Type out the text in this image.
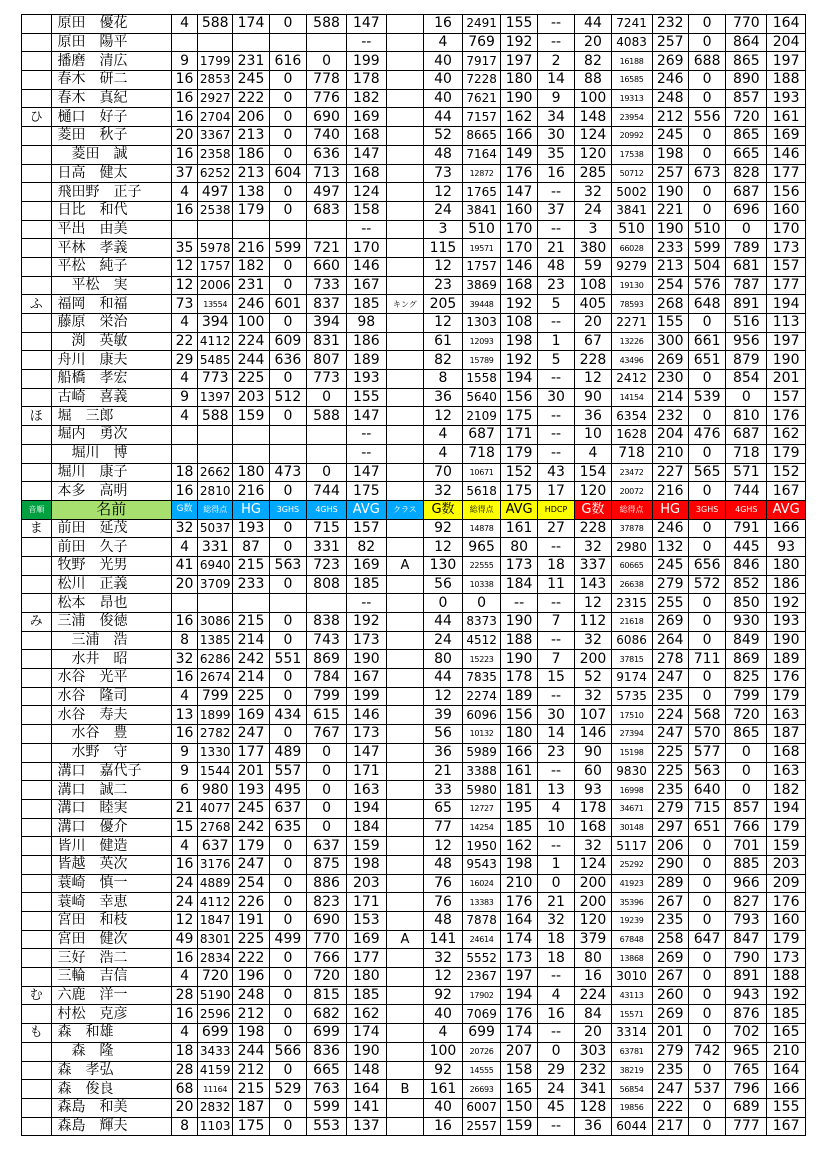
	原田　優花	4	588	174	0	588	147		16	2491	155	--	44	7241	232	0	770	164
	原田　陽平						--		4	769	192	--	20	4083	257	0	864	204
	播磨　清広	9	1799	231	616	0	199		40	7917	197	2	82	16188	269	688	865	197
	春木　研二	16	2853	245	0	778	178		40	7228	180	14	88	16585	246	0	890	188
	春木　真紀	16	2927	222	0	776	182		40	7621	190	9	100	19313	248	0	857	193
ひ	樋口　好子	16	2704	206	0	690	169		44	7157	162	34	148	23954	212	556	720	161
	菱田　秋子	20	3367	213	0	740	168		52	8665	166	30	124	20992	245	0	865	169
	　菱田　誠	16	2358	186	0	636	147		48	7164	149	35	120	17538	198	0	665	146
	日高　健太	37	6252	213	604	713	168		73	12872	176	16	285	50712	257	673	828	177
	飛田野　正子	4	497	138	0	497	124		12	1765	147	--	32	5002	190	0	687	156
	日比　和代	16	2538	179	0	683	158		24	3841	160	37	24	3841	221	0	696	160
	平出　由美						--		3	510	170	--	3	510	190	510	0	170
	平林　孝義	35	5978	216	599	721	170		115	19571	170	21	380	66028	233	599	789	173
	平松　純子	12	1757	182	0	660	146		12	1757	146	48	59	9279	213	504	681	157
	　平松　実	12	2006	231	0	733	167		23	3869	168	23	108	19130	254	576	787	177
ふ	福岡　和福	73	13554	246	601	837	185	キング	205	39448	192	5	405	78593	268	648	891	194
	藤原　栄治	4	394	100	0	394	98		12	1303	108	--	20	2271	155	0	516	113
	　渕　英敏	22	4112	224	609	831	186		61	12093	198	1	67	13226	300	661	956	197
	舟川　康夫	29	5485	244	636	807	189		82	15789	192	5	228	43496	269	651	879	190
	船橋　孝宏	4	773	225	0	773	193		8	1558	194	--	12	2412	230	0	854	201
	古崎　喜義	9	1397	203	512	0	155		36	5640	156	30	90	14154	214	539	0	157
ほ	堀　三郎	4	588	159	0	588	147		12	2109	175	--	36	6354	232	0	810	176
	堀内　勇次						--		4	687	171	--	10	1628	204	476	687	162
	　堀川　博						--		4	718	179	--	4	718	210	0	718	179
	堀川　康子	18	2662	180	473	0	147		70	10671	152	43	154	23472	227	565	571	152
	本多　高明	16	2810	216	0	744	175		32	5618	175	17	120	20072	216	0	744	167
音順	名前	G数	総得点	HG	3GHS	4GHS	AVG	クラス	G数	総得点	AVG	HDCP	G数	総得点	HG	3GHS	4GHS	AVG
ま	前田　延茂	32	5037	193	0	715	157		92	14878	161	27	228	37878	246	0	791	166
	前田　久子	4	331	87	0	331	82		12	965	80	--	32	2980	132	0	445	93
	牧野　光男	41	6940	215	563	723	169	A	130	22555	173	18	337	60665	245	656	846	180
	松川　正義	20	3709	233	0	808	185		56	10338	184	11	143	26638	279	572	852	186
	松本　昂也						--		0	0	--	--	12	2315	255	0	850	192
み	三浦　俊徳	16	3086	215	0	838	192		44	8373	190	7	112	21618	269	0	930	193
	　三浦　浩	8	1385	214	0	743	173		24	4512	188	--	32	6086	264	0	849	190
	　水井　昭	32	6286	242	551	869	190		80	15223	190	7	200	37815	278	711	869	189
	水谷　光平	16	2674	214	0	784	167		44	7835	178	15	52	9174	247	0	825	176
	水谷　隆司	4	799	225	0	799	199		12	2274	189	--	32	5735	235	0	799	179
	水谷　寿夫	13	1899	169	434	615	146		39	6096	156	30	107	17510	224	568	720	163
	　水谷　豊	16	2782	247	0	767	173		56	10132	180	14	146	27394	247	570	865	187
	　水野　守	9	1330	177	489	0	147		36	5989	166	23	90	15198	225	577	0	168
	溝口　嘉代子	9	1544	201	557	0	171		21	3388	161	--	60	9830	225	563	0	163
	溝口　誠二	6	980	193	495	0	163		33	5980	181	13	93	16998	235	640	0	182
	溝口　睦実	21	4077	245	637	0	194		65	12727	195	4	178	34671	279	715	857	194
	溝口　優介	15	2768	242	635	0	184		77	14254	185	10	168	30148	297	651	766	179
	皆川　健造	4	637	179	0	637	159		12	1950	162	--	32	5117	206	0	701	159
	皆越　英次	16	3176	247	0	875	198		48	9543	198	1	124	25292	290	0	885	203
	蓑崎　慎一	24	4889	254	0	886	203		76	16024	210	0	200	41923	289	0	966	209
	蓑崎　幸恵	24	4112	226	0	823	171		76	13383	176	21	200	35396	267	0	827	176
	宮田　和枝	12	1847	191	0	690	153		48	7878	164	32	120	19239	235	0	793	160
	宮田　健次	49	8301	225	499	770	169	A	141	24614	174	18	379	67848	258	647	847	179
	三好　浩二	16	2834	222	0	766	177		32	5552	173	18	80	13868	269	0	790	173
	三輪　吉信	4	720	196	0	720	180		12	2367	197	--	16	3010	267	0	891	188
む	六鹿　洋一	28	5190	248	0	815	185		92	17902	194	4	224	43113	260	0	943	192
	村松　克彦	16	2596	212	0	682	162		40	7069	176	16	84	15571	269	0	876	185
も	森　和雄	4	699	198	0	699	174		4	699	174	--	20	3314	201	0	702	165
	　森　隆	18	3433	244	566	836	190		100	20726	207	0	303	63781	279	742	965	210
	森　孝弘	28	4159	212	0	665	148		92	14555	158	29	232	38219	235	0	765	164
	森　俊良	68	11164	215	529	763	164	B	161	26693	165	24	341	56854	247	537	796	166
	森島　和美	20	2832	187	0	599	141		40	6007	150	45	128	19856	222	0	689	155
	森島　輝夫	8	1103	175	0	553	137		16	2557	159	--	36	6044	217	0	777	167
